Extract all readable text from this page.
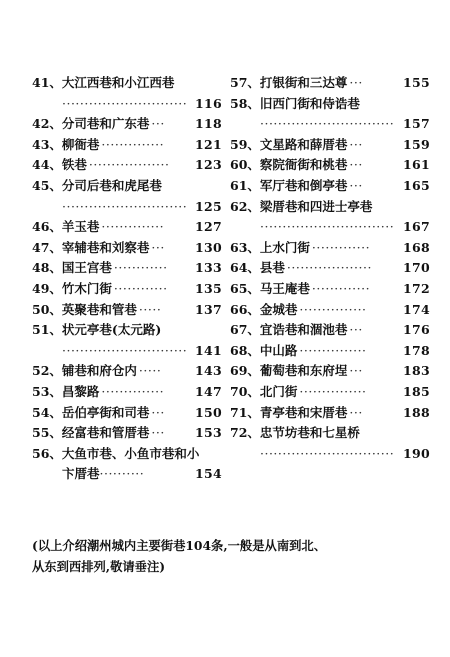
41、大江西巷和小江西巷
···························· 116
42、分司巷和广东巷 ··· 118
43、柳衙巷 ·············· 121
44、铁巷 ·················· 123
45、分司后巷和虎尾巷
···························· 125
46、羊玉巷 ·············· 127
47、宰辅巷和刘察巷 ··· 130
48、国王宫巷 ············ 133
49、竹木门街 ············ 135
50、英聚巷和管巷 ·····	137
51、状元亭巷(太元路)
···························· 141
52、铺巷和府仓内 ·····	143
53、昌黎路 ·············· 147
54、岳伯亭街和司巷 ··· 150
55、经富巷和管厝巷 ··· 153
56、大鱼市巷、小鱼市巷和小
卞厝巷··········	154
57、打银街和三达尊 ···	155
58、旧西门街和侍诰巷
······························ 157
59、文星路和薛厝巷 ···	159
60、察院衙街和桃巷 ···	161
61、军厅巷和倒亭巷 ···	165
62、梁厝巷和四进士亭巷
······························ 167
63、上水门街 ·············	168
64、县巷 ··················· 170
65、马王庵巷 ·············	172
66、金城巷 ···············	174
67、宜诰巷和涸池巷 ···	176
68、中山路 ···············	178
69、葡萄巷和东府埕 ···	183
70、北门街 ···············	185
71、青亭巷和宋厝巷 ···	188
72、忠节坊巷和七星桥
······························ 190
(以上介绍潮州城内主要街巷104条,一般是从南到北、
从东到西排列,敬请垂注)
